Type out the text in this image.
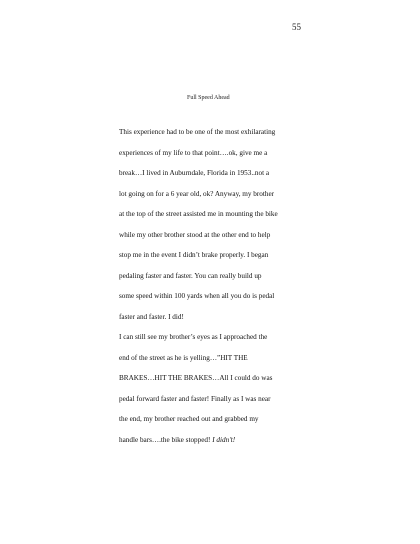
55
Full Speed Ahead
This experience had to be one of the most exhilarating
experiences of my life to that point….ok, give me a
break…I lived in Auburndale, Florida in 1953..not a
lot going on for a 6 year old, ok? Anyway, my brother
at the top of the street assisted me in mounting the bike
while my other brother stood at the other end to help
stop me in the event I didn’t brake properly. I began
pedaling faster and faster. You can really build up
some speed within 100 yards when all you do is pedal
faster and faster. I did!
I can still see my brother’s eyes as I approached the
end of the street as he is yelling…”HIT THE
BRAKES…HIT THE BRAKES…All I could do was
pedal forward faster and faster! Finally as I was near
the end, my brother reached out and grabbed my
handle bars….the bike stopped! I didn’t!
